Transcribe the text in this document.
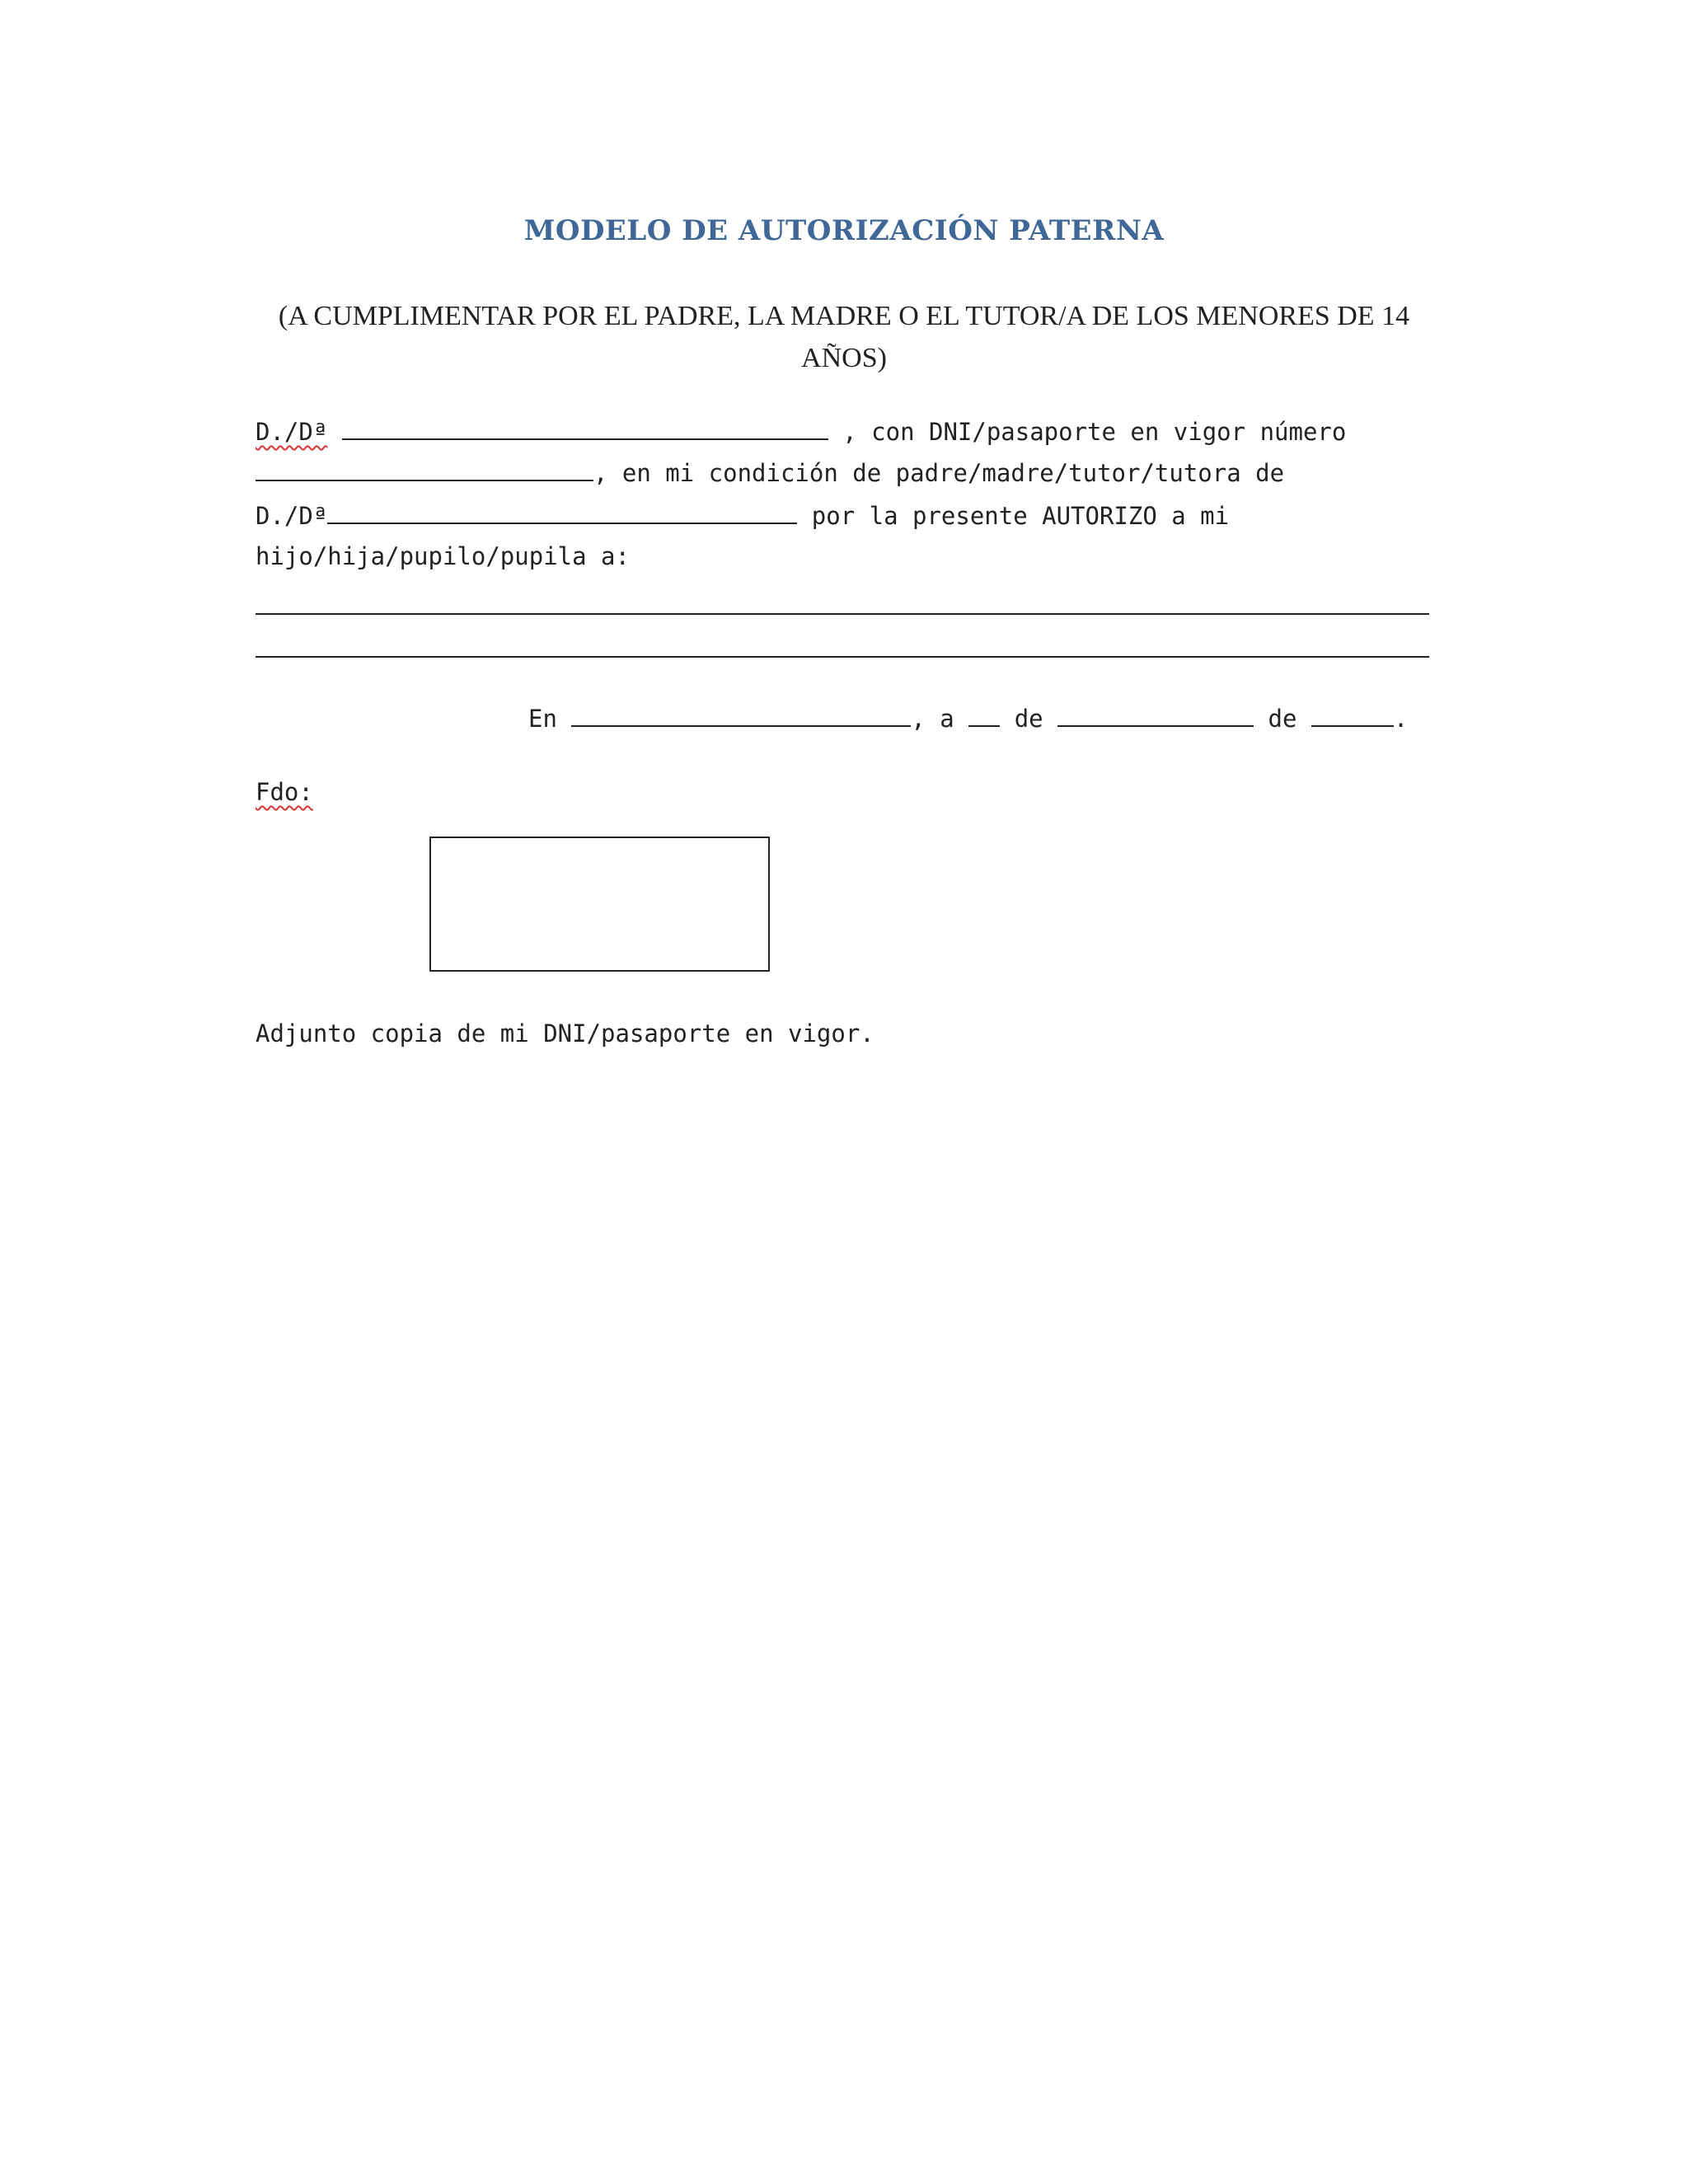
MODELO DE AUTORIZACIÓN PATERNA
(A CUMPLIMENTAR POR EL PADRE, LA MADRE O EL TUTOR/A DE LOS MENORES DE 14 AÑOS)
D./Dª	, con DNI/pasaporte en vigor número
, en mi condición de padre/madre/tutor/tutora de
D./Dª	por la presente AUTORIZO a mi
hijo/hija/pupilo/pupila a:
En	, a  de	de	.
Fdo:
Adjunto copia de mi DNI/pasaporte en vigor.
